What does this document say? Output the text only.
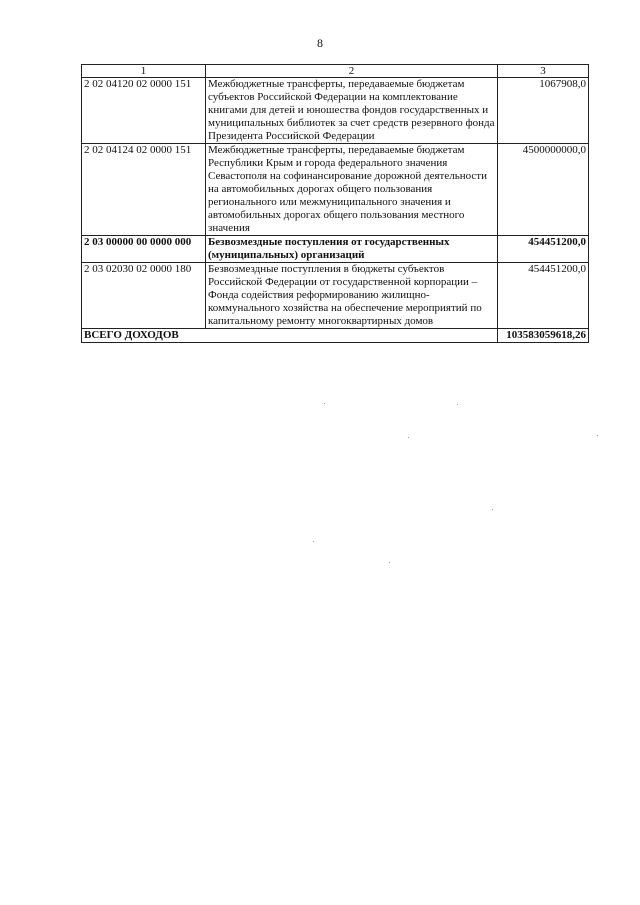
8
1	2	3
2 02 04120 02 0000 151	Межбюджетные трансферты, передаваемые бюджетам субъектов Российской Федерации на комплектование книгами для детей и юношества фондов государственных и муниципальных библиотек за счет средств резервного фонда Президента Российской Федерации	1067908,0
2 02 04124 02 0000 151	Межбюджетные трансферты, передаваемые бюджетам Республики Крым и города федерального значения Севастополя на софинансирование дорожной деятельности на автомобильных дорогах общего пользования регионального или межмуниципального значения и автомобильных дорогах общего пользования местного значения	4500000000,0
2 03 00000 00 0000 000	Безвозмездные поступления от государственных (муниципальных) организаций	454451200,0
2 03 02030 02 0000 180	Безвозмездные поступления в бюджеты субъектов Российской Федерации от государственной корпорации – Фонда содействия реформированию жилищно-коммунального хозяйства на обеспечение мероприятий по капитальному ремонту многоквартирных домов	454451200,0
ВСЕГО ДОХОДОВ		103583059618,26
